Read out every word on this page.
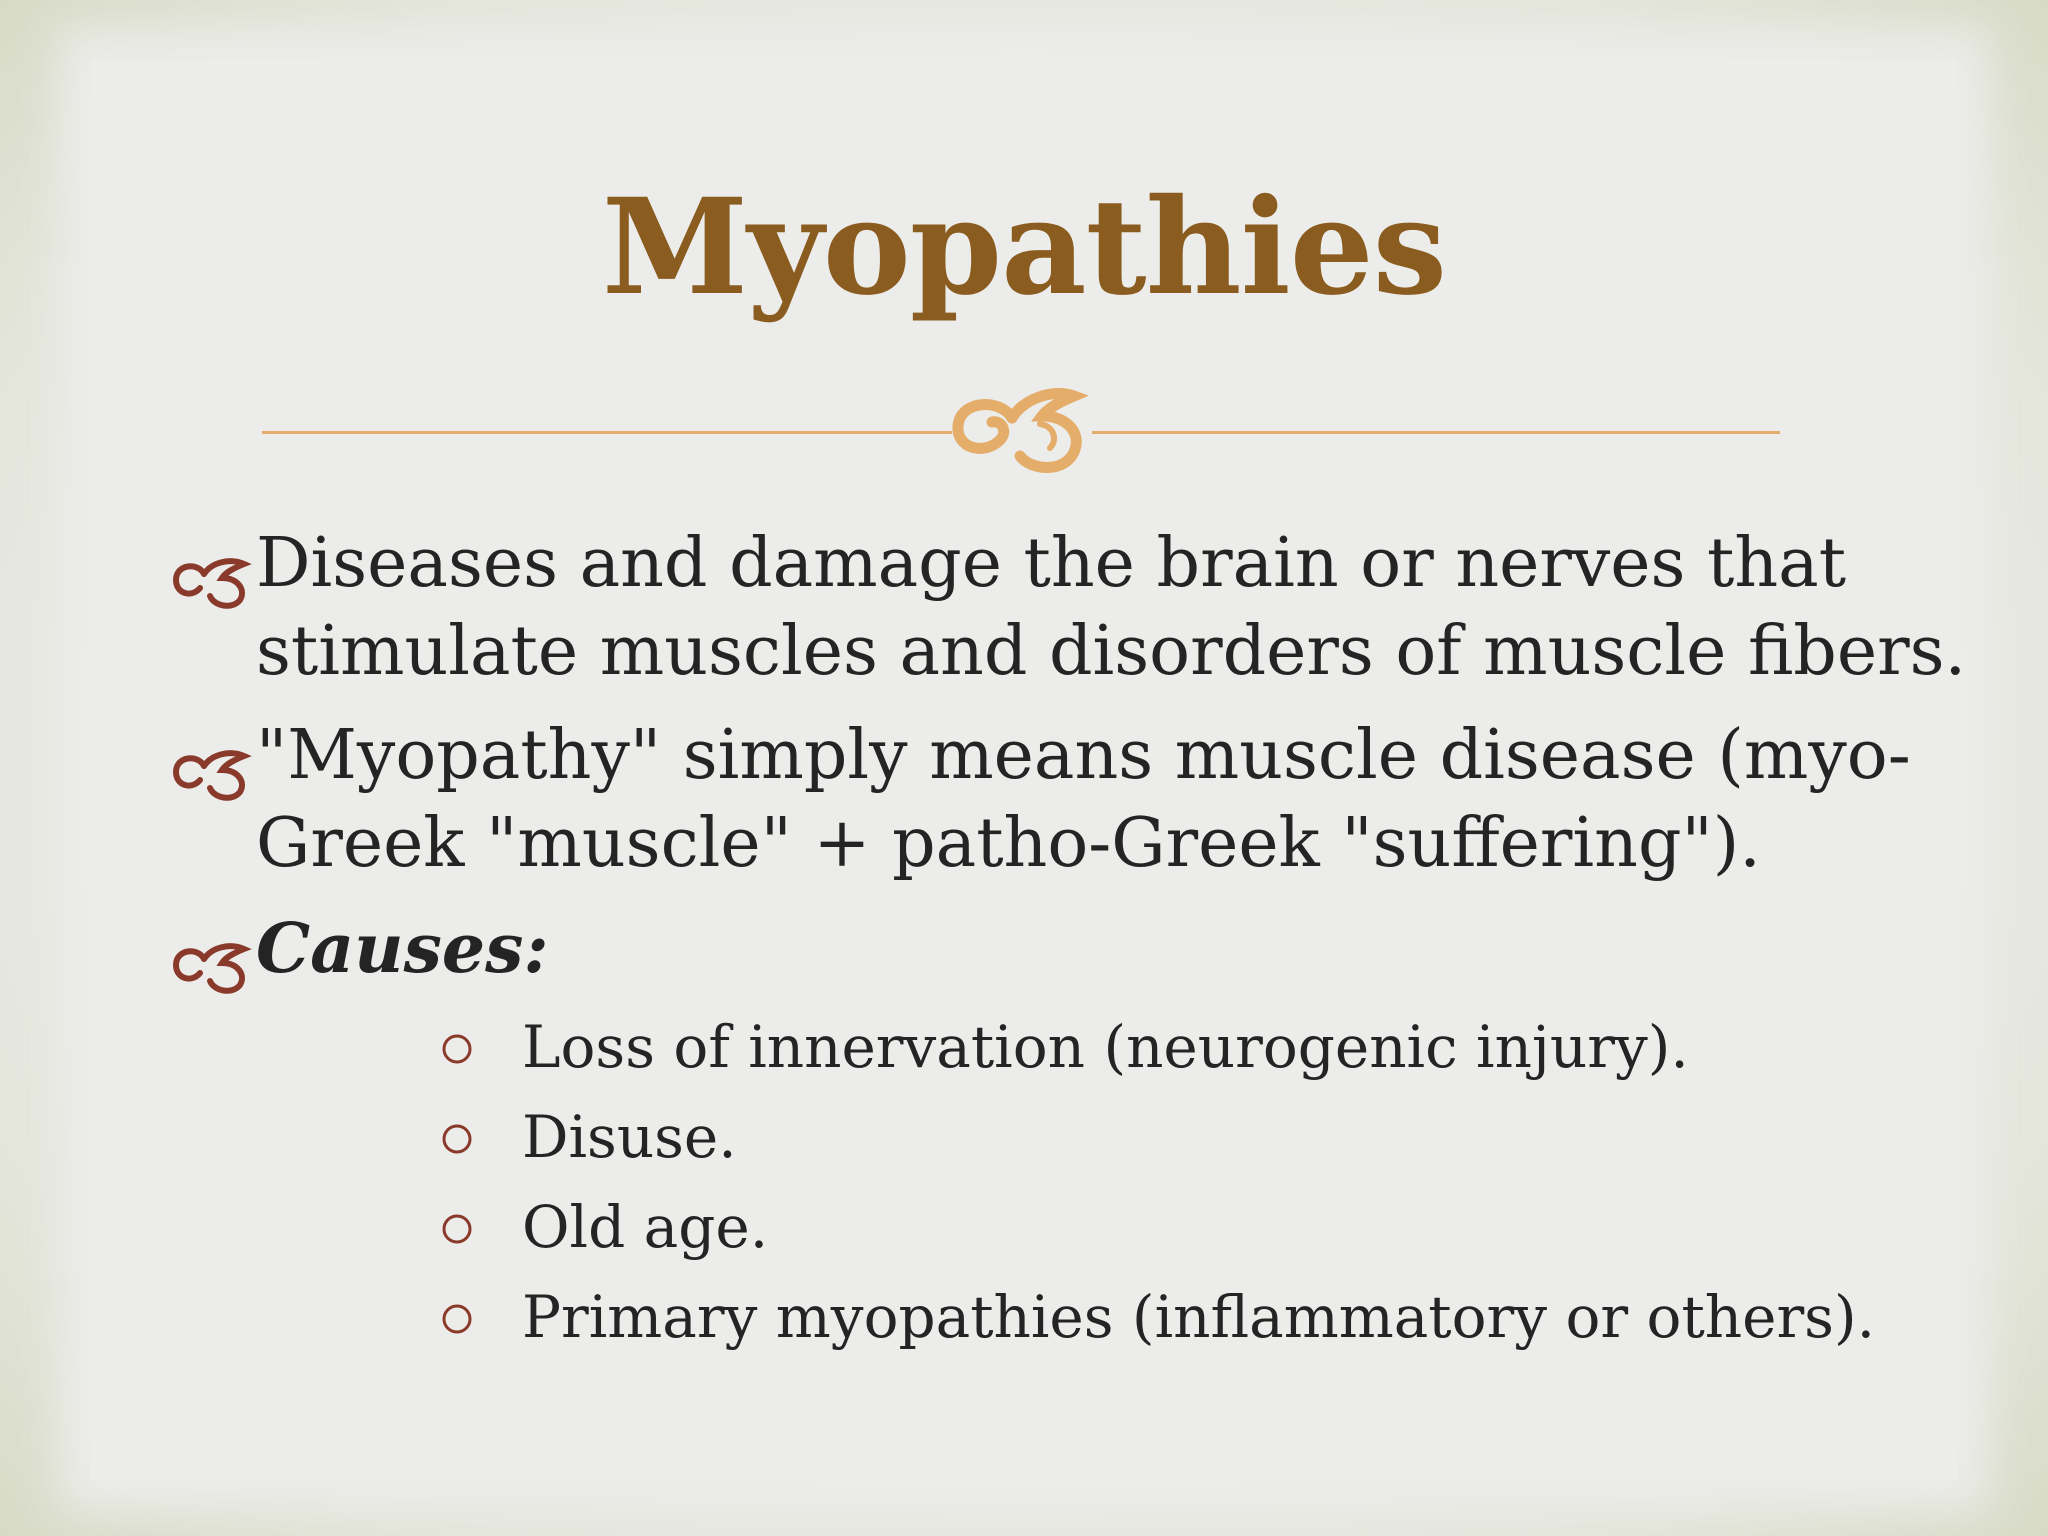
Myopathies
Diseases and damage the brain or nerves that
stimulate muscles and disorders of muscle fibers.
"Myopathy" simply means muscle disease (myo-
Greek "muscle" + patho-Greek "suffering").
Causes:
Loss of innervation (neurogenic injury).
Disuse.
Old age.
Primary myopathies (inflammatory or others).
